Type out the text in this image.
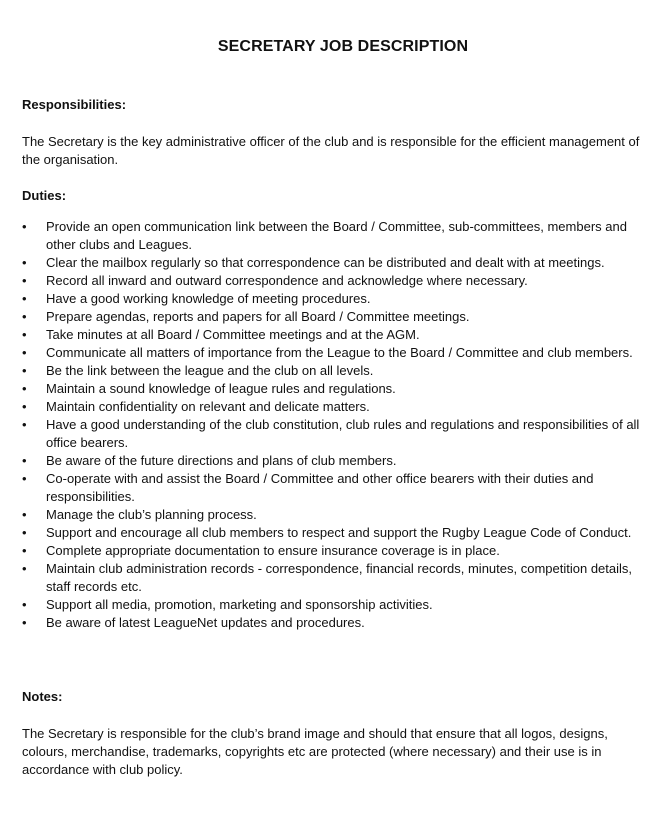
SECRETARY JOB DESCRIPTION
Responsibilities:
The Secretary is the key administrative officer of the club and is responsible for the efficient management of the organisation.
Duties:
•	Provide an open communication link between the Board / Committee, sub-committees, members and other clubs and Leagues.
•	Clear the mailbox regularly so that correspondence can be distributed and dealt with at meetings.
•	Record all inward and outward correspondence and acknowledge where necessary.
•	Have a good working knowledge of meeting procedures.
•	Prepare agendas, reports and papers for all Board / Committee meetings.
•	Take minutes at all Board / Committee meetings and at the AGM.
•	Communicate all matters of importance from the League to the Board / Committee and club members.
•	Be the link between the league and the club on all levels.
•	Maintain a sound knowledge of league rules and regulations.
•	Maintain confidentiality on relevant and delicate matters.
•	Have a good understanding of the club constitution, club rules and regulations and responsibilities of all office bearers.
•	Be aware of the future directions and plans of club members.
•	Co-operate with and assist the Board / Committee and other office bearers with their duties and responsibilities.
•	Manage the club’s planning process.
•	Support and encourage all club members to respect and support the Rugby League Code of Conduct.
•	Complete appropriate documentation to ensure insurance coverage is in place.
•	Maintain club administration records - correspondence, financial records, minutes, competition details, staff records etc.
•	Support all media, promotion, marketing and sponsorship activities.
•	Be aware of latest LeagueNet updates and procedures.
Notes:
The Secretary is responsible for the club’s brand image and should that ensure that all logos, designs, colours, merchandise, trademarks, copyrights etc are protected (where necessary) and their use is in accordance with club policy.
